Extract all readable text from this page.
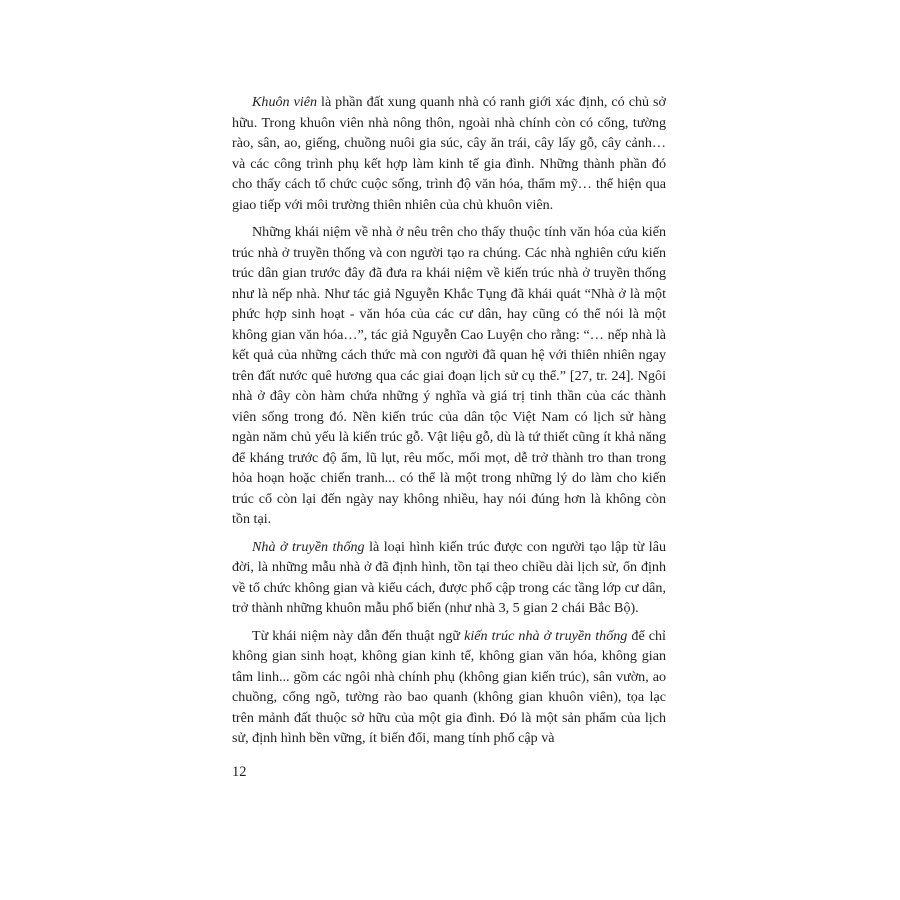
Khuôn viên là phần đất xung quanh nhà có ranh giới xác định, có chủ sở hữu. Trong khuôn viên nhà nông thôn, ngoài nhà chính còn có cổng, tường rào, sân, ao, giếng, chuồng nuôi gia súc, cây ăn trái, cây lấy gỗ, cây cảnh… và các công trình phụ kết hợp làm kinh tế gia đình. Những thành phần đó cho thấy cách tổ chức cuộc sống, trình độ văn hóa, thẩm mỹ… thể hiện qua giao tiếp với môi trường thiên nhiên của chủ khuôn viên.

Những khái niệm về nhà ở nêu trên cho thấy thuộc tính văn hóa của kiến trúc nhà ở truyền thống và con người tạo ra chúng. Các nhà nghiên cứu kiến trúc dân gian trước đây đã đưa ra khái niệm về kiến trúc nhà ở truyền thống như là nếp nhà. Như tác giả Nguyễn Khắc Tụng đã khái quát “Nhà ở là một phức hợp sinh hoạt - văn hóa của các cư dân, hay cũng có thể nói là một không gian văn hóa…”, tác giả Nguyễn Cao Luyện cho rằng: “… nếp nhà là kết quả của những cách thức mà con người đã quan hệ với thiên nhiên ngay trên đất nước quê hương qua các giai đoạn lịch sử cụ thể.” [27, tr. 24]. Ngôi nhà ở đây còn hàm chứa những ý nghĩa và giá trị tinh thần của các thành viên sống trong đó. Nền kiến trúc của dân tộc Việt Nam có lịch sử hàng ngàn năm chủ yếu là kiến trúc gỗ. Vật liệu gỗ, dù là tứ thiết cũng ít khả năng để kháng trước độ ẩm, lũ lụt, rêu mốc, mối mọt, dễ trở thành tro than trong hỏa hoạn hoặc chiến tranh... có thể là một trong những lý do làm cho kiến trúc cổ còn lại đến ngày nay không nhiều, hay nói đúng hơn là không còn tồn tại.

Nhà ở truyền thống là loại hình kiến trúc được con người tạo lập từ lâu đời, là những mẫu nhà ở đã định hình, tồn tại theo chiều dài lịch sử, ổn định về tổ chức không gian và kiểu cách, được phổ cập trong các tầng lớp cư dân, trở thành những khuôn mẫu phổ biến (như nhà 3, 5 gian 2 chái Bắc Bộ).

Từ khái niệm này dẫn đến thuật ngữ kiến trúc nhà ở truyền thống để chỉ không gian sinh hoạt, không gian kinh tế, không gian văn hóa, không gian tâm linh... gồm các ngôi nhà chính phụ (không gian kiến trúc), sân vườn, ao chuồng, cổng ngõ, tường rào bao quanh (không gian khuôn viên), tọa lạc trên mảnh đất thuộc sở hữu của một gia đình. Đó là một sản phẩm của lịch sử, định hình bền vững, ít biến đổi, mang tính phổ cập và

12
